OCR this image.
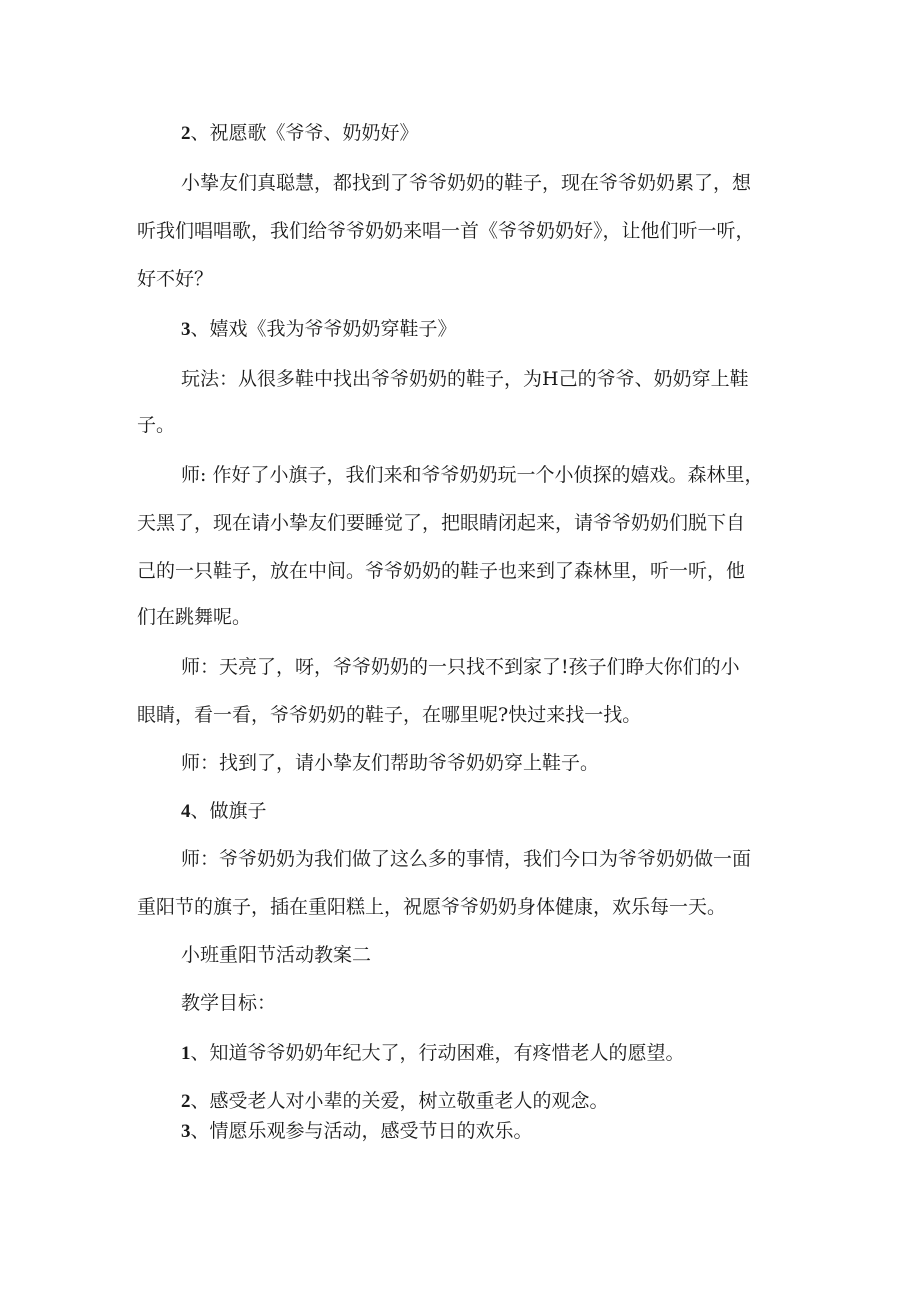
2、祝愿歌《爷爷、奶奶好》
小挚友们真聪慧，都找到了爷爷奶奶的鞋子，现在爷爷奶奶累了，想
听我们唱唱歌，我们给爷爷奶奶来唱一首《爷爷奶奶好》，让他们听一听，
好不好？
3、嬉戏《我为爷爷奶奶穿鞋子》
玩法：从很多鞋中找出爷爷奶奶的鞋子，为H己的爷爷、奶奶穿上鞋
子。
师: 作好了小旗子，我们来和爷爷奶奶玩一个小侦探的嬉戏。森林里，
天黑了，现在请小挚友们要睡觉了，把眼睛闭起来，请爷爷奶奶们脱下自
己的一只鞋子，放在中间。爷爷奶奶的鞋子也来到了森林里，听一听，他
们在跳舞呢。
师：天亮了，呀，爷爷奶奶的一只找不到家了!孩子们睁大你们的小
眼睛，看一看，爷爷奶奶的鞋子，在哪里呢?快过来找一找。
师：找到了，请小挚友们帮助爷爷奶奶穿上鞋子。
4、做旗子
师：爷爷奶奶为我们做了这么多的事情，我们今口为爷爷奶奶做一面
重阳节的旗子，插在重阳糕上，祝愿爷爷奶奶身体健康，欢乐每一天。
小班重阳节活动教案二
教学目标：
1、知道爷爷奶奶年纪大了，行动困难，有疼惜老人的愿望。
2、感受老人对小辈的关爱，树立敬重老人的观念。
3、情愿乐观参与活动，感受节日的欢乐。
